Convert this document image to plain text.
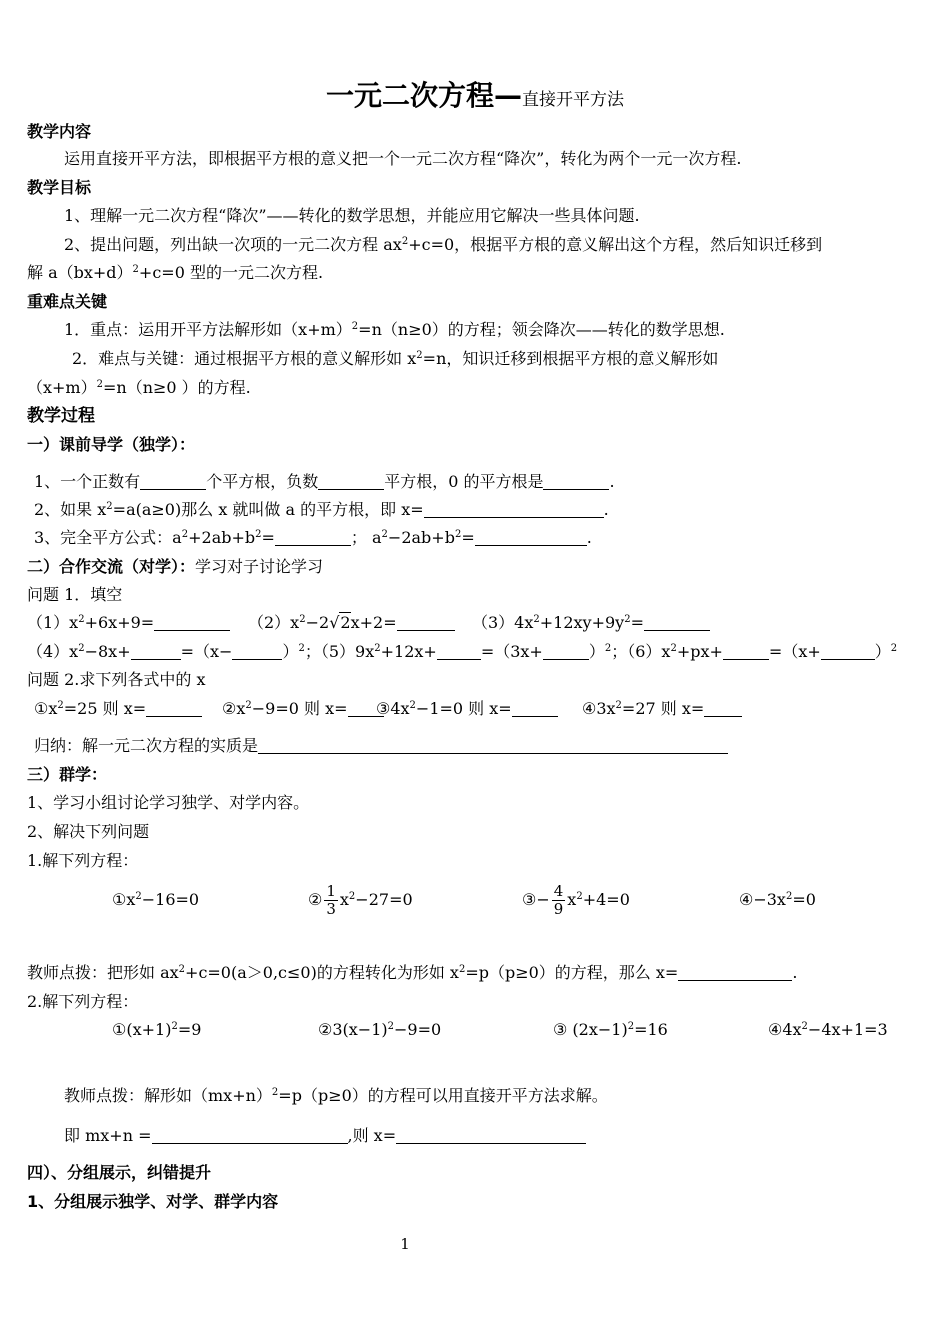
一元二次方程—直接开平方法
教学内容
运用直接开平方法，即根据平方根的意义把一个一元二次方程“降次”，转化为两个一元一次方程.
教学目标
1、理解一元二次方程“降次”——转化的数学思想，并能应用它解决一些具体问题.
2、提出问题，列出缺一次项的一元二次方程 $ax^2+c=0$，根据平方根的意义解出这个方程，然后知识迁移到
解 $a(bx+d)^2+c=0$ 型的一元二次方程.
重难点关键
1．重点：运用开平方法解形如$(x+m)^2=n(n\ge 0)$的方程；领会降次——转化的数学思想.
2．难点与关键：通过根据平方根的意义解形如 $x^2=n$，知识迁移到根据平方根的意义解形如
$(x+m)^2=n(n\ge 0$ ）的方程.
教学过程
一）课前导学（独学）：
1、一个正数有	个平方根，负数	平方根，0 的平方根是	.
2、如果 $x^2=a(a\ge 0)$那么 x 就叫做 a 的平方根，即 x=	.
3、完全平方公式：$a^2+2ab+b^2=$	； $a^2-2ab+b^2=$	.
二）合作交流（对学）：学习对子讨论学习
问题 1．填空
$(1)x^2+6x+9=$	$(2)x^2-2√2x+2=$	$(3)4x^2+12xy+9y^2=$
$(4)x^2-8x+$	=（x−	）$^2$；$(5)9x^2+12x+$	=（3x+	）$^2$；$(6)x^2+px+$	=（x+	）$^2$
问题 2.求下列各式中的 x
$①x^2=25$ 则 x=	$②x^2-9=0$ 则 x=	$③4x^2-1=0$ 则 x=	$④3x^2=27$ 则 x=
归纳：解一元二次方程的实质是
三）群学：
1、学习小组讨论学习独学、对学内容。
2、解决下列问题
1.解下列方程：
$①x^2-16=0$	② $\frac{1}{3} x^2-27=0$	③− $\frac{4}{9} x^2+4=0$	$④-3x^2=0$
教师点拨：把形如 $ax^2+c=0(a>0,c\le 0)$的方程转化为形如 $x^2=p(p\ge 0)$的方程，那么 x=	.
2.解下列方程：
$①(x+1)^2=9$	$②3(x-1)^2-9=0$	③ $(2x-1)^2=16$	$④4x^2-4x+1=3$
教师点拨：解形如$(mx+n)^2=p(p\ge 0)$的方程可以用直接开平方法求解。
即 mx+n =	,则 x=
四）、分组展示，纠错提升
1、分组展示独学、对学、群学内容
1
